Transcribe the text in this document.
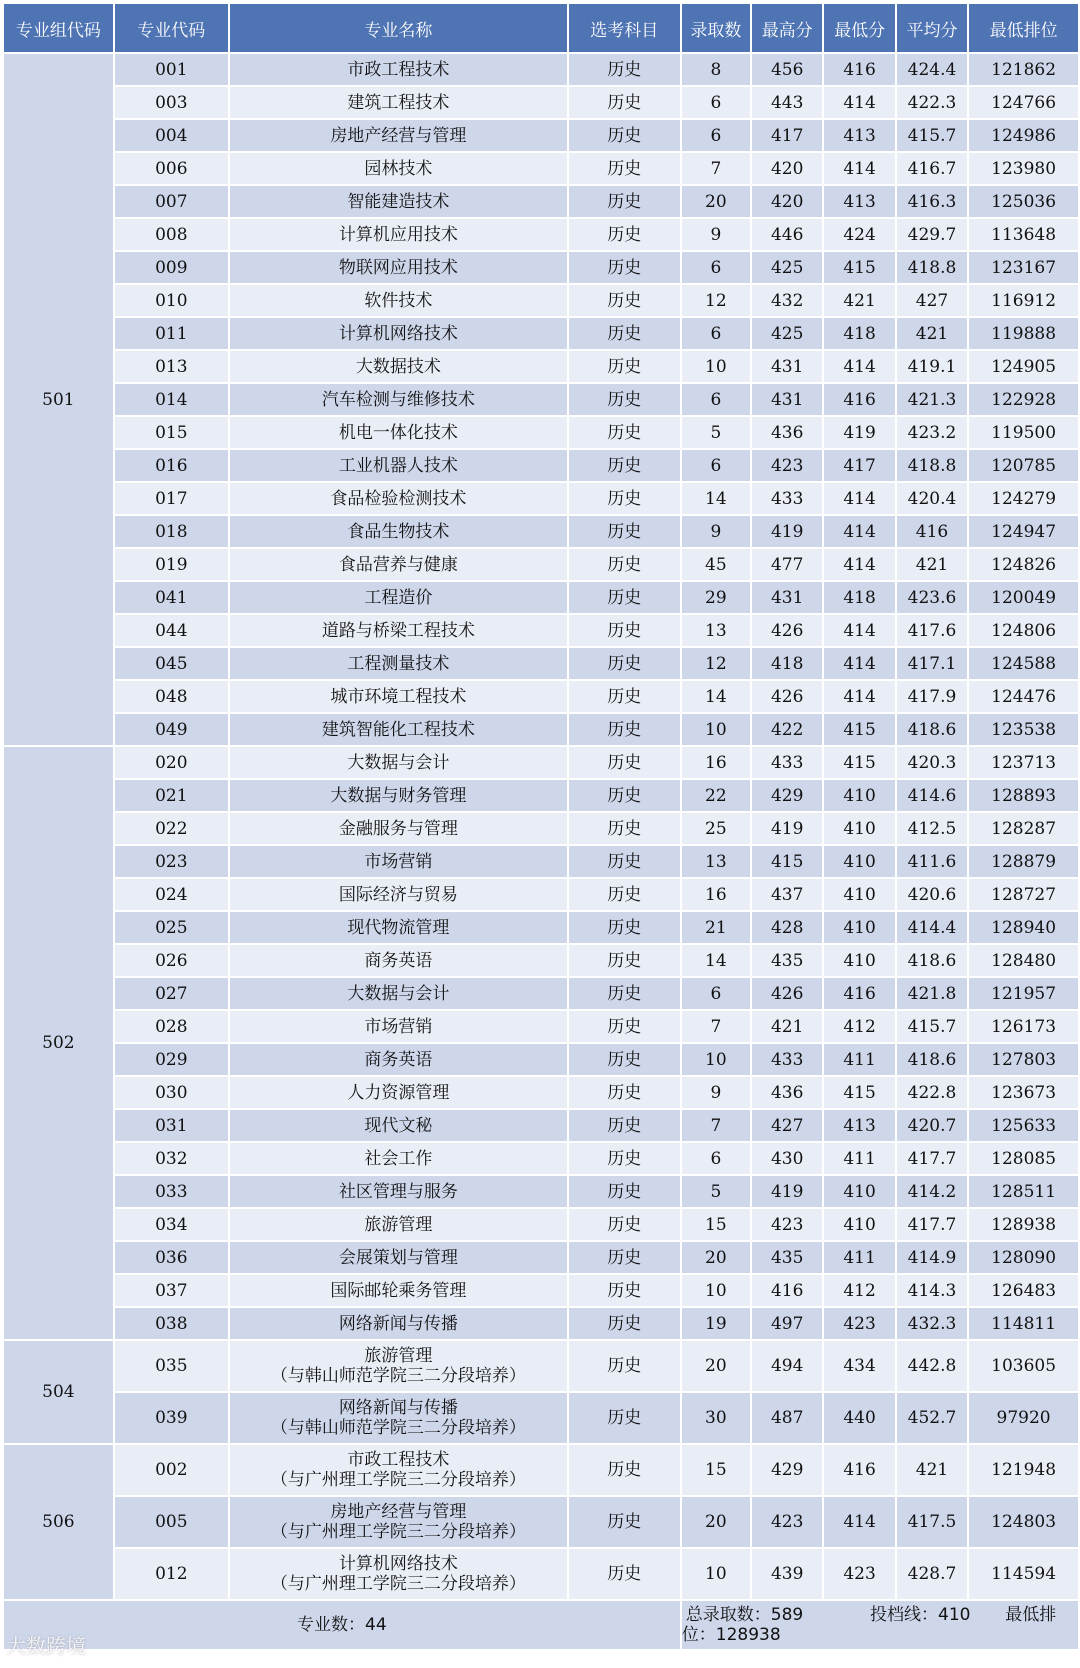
专业组代码	专业代码	专业名称	选考科目	录取数	最高分	最低分	平均分	最低排位
501	001	市政工程技术	历史	8	456	416	424.4	121862
	003	建筑工程技术	历史	6	443	414	422.3	124766
	004	房地产经营与管理	历史	6	417	413	415.7	124986
	006	园林技术	历史	7	420	414	416.7	123980
	007	智能建造技术	历史	20	420	413	416.3	125036
	008	计算机应用技术	历史	9	446	424	429.7	113648
	009	物联网应用技术	历史	6	425	415	418.8	123167
	010	软件技术	历史	12	432	421	427	116912
	011	计算机网络技术	历史	6	425	418	421	119888
	013	大数据技术	历史	10	431	414	419.1	124905
	014	汽车检测与维修技术	历史	6	431	416	421.3	122928
	015	机电一体化技术	历史	5	436	419	423.2	119500
	016	工业机器人技术	历史	6	423	417	418.8	120785
	017	食品检验检测技术	历史	14	433	414	420.4	124279
	018	食品生物技术	历史	9	419	414	416	124947
	019	食品营养与健康	历史	45	477	414	421	124826
	041	工程造价	历史	29	431	418	423.6	120049
	044	道路与桥梁工程技术	历史	13	426	414	417.6	124806
	045	工程测量技术	历史	12	418	414	417.1	124588
	048	城市环境工程技术	历史	14	426	414	417.9	124476
	049	建筑智能化工程技术	历史	10	422	415	418.6	123538
502	020	大数据与会计	历史	16	433	415	420.3	123713
	021	大数据与财务管理	历史	22	429	410	414.6	128893
	022	金融服务与管理	历史	25	419	410	412.5	128287
	023	市场营销	历史	13	415	410	411.6	128879
	024	国际经济与贸易	历史	16	437	410	420.6	128727
	025	现代物流管理	历史	21	428	410	414.4	128940
	026	商务英语	历史	14	435	410	418.6	128480
	027	大数据与会计	历史	6	426	416	421.8	121957
	028	市场营销	历史	7	421	412	415.7	126173
	029	商务英语	历史	10	433	411	418.6	127803
	030	人力资源管理	历史	9	436	415	422.8	123673
	031	现代文秘	历史	7	427	413	420.7	125633
	032	社会工作	历史	6	430	411	417.7	128085
	033	社区管理与服务	历史	5	419	410	414.2	128511
	034	旅游管理	历史	15	423	410	417.7	128938
	036	会展策划与管理	历史	20	435	411	414.9	128090
	037	国际邮轮乘务管理	历史	10	416	412	414.3	126483
	038	网络新闻与传播	历史	19	497	423	432.3	114811
504	035	旅游管理
（与韩山师范学院三二分段培养）	历史	20	494	434	442.8	103605
	039	网络新闻与传播
（与韩山师范学院三二分段培养）	历史	30	487	440	452.7	97920
506	002	市政工程技术
（与广州理工学院三二分段培养）	历史	15	429	416	421	121948
	005	房地产经营与管理
（与广州理工学院三二分段培养）	历史	20	423	414	417.5	124803
	012	计算机网络技术
（与广州理工学院三二分段培养）	历史	10	439	423	428.7	114594
专业数：44				总录取数：589 投档线：410 最低排位：128938				
大数跨境
